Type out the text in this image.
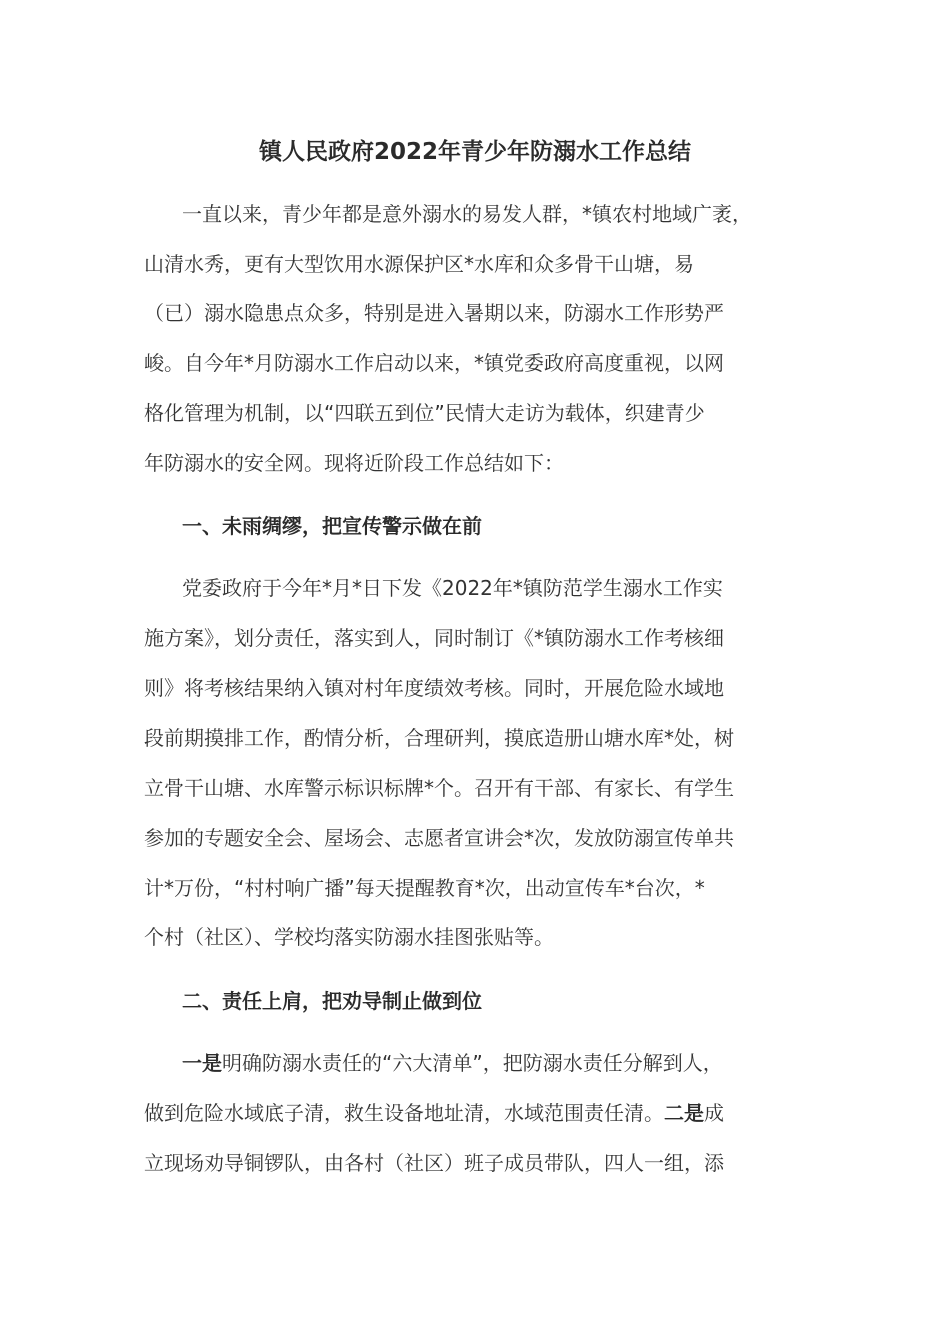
镇人民政府2022年青少年防溺水工作总结
一直以来，青少年都是意外溺水的易发人群，*镇农村地域广袤，
山清水秀，更有大型饮用水源保护区*水库和众多骨干山塘，易
（已）溺水隐患点众多，特别是进入暑期以来，防溺水工作形势严
峻。自今年*月防溺水工作启动以来，*镇党委政府高度重视，以网
格化管理为机制，以“四联五到位”民情大走访为载体，织建青少
年防溺水的安全网。现将近阶段工作总结如下：
一、未雨绸缪，把宣传警示做在前
党委政府于今年*月*日下发《2022年*镇防范学生溺水工作实
施方案》，划分责任，落实到人，同时制订《*镇防溺水工作考核细
则》将考核结果纳入镇对村年度绩效考核。同时，开展危险水域地
段前期摸排工作，酌情分析，合理研判，摸底造册山塘水库*处，树
立骨干山塘、水库警示标识标牌*个。召开有干部、有家长、有学生
参加的专题安全会、屋场会、志愿者宣讲会*次，发放防溺宣传单共
计*万份，“村村响广播”每天提醒教育*次，出动宣传车*台次，*
个村（社区）、学校均落实防溺水挂图张贴等。
二、责任上肩，把劝导制止做到位
一是明确防溺水责任的“六大清单”，把防溺水责任分解到人，
做到危险水域底子清，救生设备地址清，水域范围责任清。二是成
立现场劝导铜锣队，由各村（社区）班子成员带队，四人一组，添
